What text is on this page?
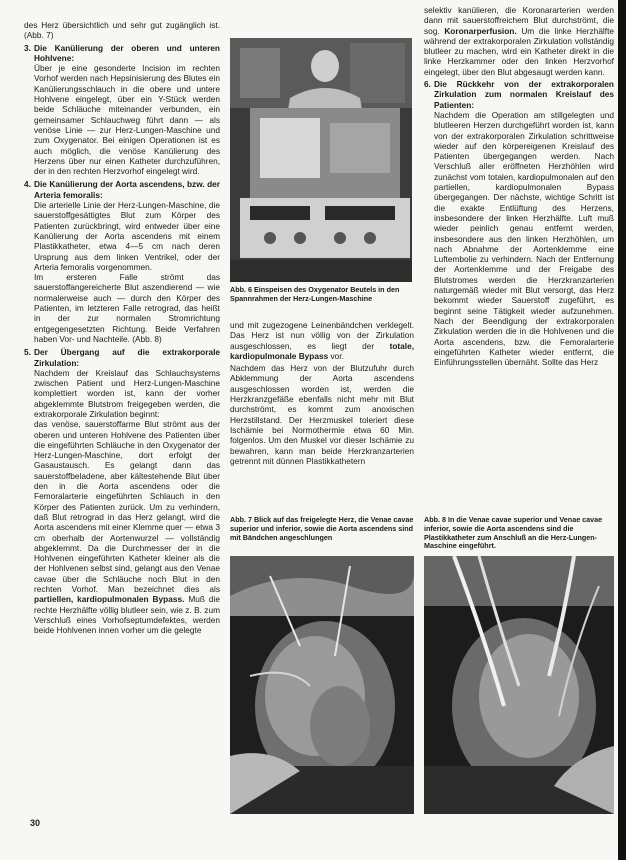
des Herz übersichtlich und sehr gut zugänglich ist. (Abb. 7)

3. Die Kanülierung der oberen und unteren Hohlvene:
Über je eine gesonderte Incision im rechten Vorhof werden nach Hepsinisierung des Blutes ein Kanülierungsschlauch in die obere und untere Hohlvene eingelegt, über ein Y-Stück werden beide Schläuche miteinander verbunden, ein gemeinsamer Schlauchweg führt dann — als venöse Linie — zur Herz-Lungen-Maschine und zum Oxygenator. Bei einigen Operationen ist es auch möglich, die venöse Kanülierung des Herzens über nur einen Katheter durchzuführen, der in den rechten Herzvorhof eingelegt wird.
4. Die Kanülierung der Aorta ascendens, bzw. der Arteria femoralis:
Die arterielle Linie der Herz-Lungen-Maschine, die sauerstoffgesättigtes Blut zum Körper des Patienten zurückbringt, wird entweder über eine Kanülierung der Aorta ascendens mit einem Plastikkatheter, etwa 4—5 cm nach deren Ursprung aus dem linken Ventrikel, oder der Arteria femoralis vorgenommen.
Im ersteren Falle strömt das sauerstoffangereicherte Blut aszendierend — wie normalerweise auch — durch den Körper des Patienten, im letzteren Falle retrograd, das heißt in der zur normalen Stromrichtung entgegengesetzten Richtung. Beide Verfahren haben Vor- und Nachteile. (Abb. 8)
5. Der Übergang auf die extrakorporale Zirkulation:
Nachdem der Kreislauf das Schlauchsystems zwischen Patient und Herz-Lungen-Maschine komplettiert worden ist, kann der vorher abgeklemmte Blutstrom freigegeben werden, die extrakorporale Zirkulation beginnt:
das venöse, sauerstoffarme Blut strömt aus der oberen und unteren Hohlvene des Patienten über die eingeführten Schläuche in den Oxygenator der Herz-Lungen-Maschine, dort erfolgt der Gasaustausch. Es gelangt dann das sauerstoffbeladene, aber kältestehende Blut über den in die Aorta ascendens oder die Femoralarterie eingeführten Schlauch in den Körper des Patienten zurück. Um zu verhindern, daß Blut retrograd in das Herz gelangt, wird die Aorta ascendens mit einer Klemme quer — etwa 3 cm oberhalb der Aortenwurzel — vollständig abgeklemmt. Da die Durchmesser der in die Hohlvenen eingeführten Katheter kleiner als die der Hohlvenen selbst sind, gelangt aus den Venae cavae über die Schläuche noch Blut in den rechten Vorhof. Man bezeichnet dies als partiellen, kardiopulmonalen Bypass. Muß die rechte Herzhälfte völlig blutleer sein, wie z. B. zum Verschluß eines Vorhofseptumdefektes, werden beide Hohlvenen innen vorher um die gelegte
Abb. 6 Einspeisen des Oxygenator Beutels in den Spannrahmen der Herz-Lungen-Maschine

und mit zugezogene Leinenbändchen verklegelt. Das Herz ist nun völlig von der Zirkulation ausgeschlossen, es liegt der totale, kardiopulmonale Bypass vor.

Nachdem das Herz von der Blutzufuhr durch Abklemmung der Aorta ascendens ausgeschlossen worden ist, werden die Herzkranzgefäße ebenfalls nicht mehr mit Blut durchströmt, es kommt zum anoxischen Herzstillstand. Der Herzmuskel toleriert diese Ischämie bei Normothermie etwa 60 Min. folgenlos. Um den Muskel vor dieser Ischämie zu bewahren, kann man beide Herzkranzarterien getrennt mit dünnen Plastikkathetern

selektiv kanülieren, die Koronararterien werden dann mit sauerstoffreichem Blut durchströmt, die sog. Koronarperfusion. Um die linke Herzhälfte während der extrakorporalen Zirkulation vollständig blutleer zu machen, wird ein Katheter direkt in die linke Herzkammer oder den linken Herzvorhof eingelegt, über den Blut abgesaugt werden kann.

6. Die Rückkehr von der extrakorporalen Zirkulation zum normalen Kreislauf des Patienten:
Nachdem die Operation am stillgelegten und blutleeren Herzen durchgeführt worden ist, kann von der extrakorporalen Zirkulation schrittweise wieder auf den körpereigenen Kreislauf des Patienten übergegangen werden. Nach Verschluß aller eröffneten Herzhöhlen wird zunächst vom totalen, kardiopulmonalen auf den partiellen, kardiopulmonalen Bypass übergegangen. Der nächste, wichtige Schritt ist die exakte Entlüftung des Herzens, insbesondere der linken Herzhälfte. Luft muß wieder peinlich genau entfernt werden, insbesondere aus den linken Herzhöhlen, um nach Abnahme der Aortenklemme eine Luftembolie zu verhindern. Nach der Entfernung der Aortenklemme und der Freigabe des Blutstromes werden die Herzkranzarterien naturgemäß wieder mit Blut versorgt, das Herz bekommt wieder Sauerstoff zugeführt, es beginnt seine Tätigkeit wieder aufzunehmen. Nach der Beendigung der extrakorporalen Zirkulation werden die in die Hohlvenen und die Aorta ascendens, bzw. die Femoralarterie eingeführten Katheter wieder entfernt, die Einführungsstellen übernäht. Sollte das Herz
Abb. 7 Blick auf das freigelegte Herz, die Venae cavae superior und inferior, sowie die Aorta ascendens sind mit Bändchen angeschlungen
Abb. 8 In die Venae cavae superior und Venae cavae inferior, sowie die Aorta ascendens sind die Plastikkatheter zum Anschluß an die Herz-Lungen-Maschine eingeführt.
30
